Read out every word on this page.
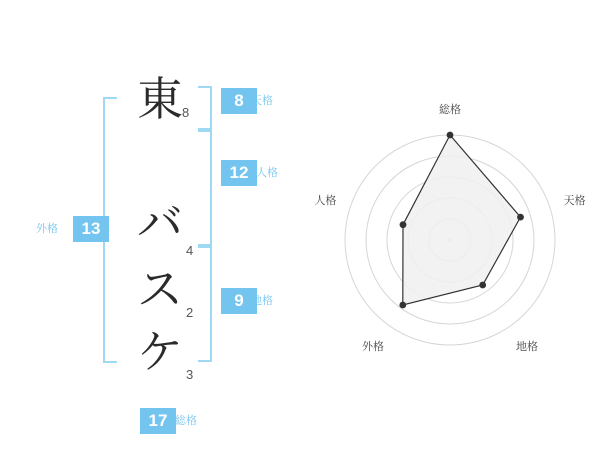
13
外格
8 天格
12 人格
9 地格
東 8
バ
4
ス 2
ケ 3
17 総格
総格
天格
地格
外格
人格
